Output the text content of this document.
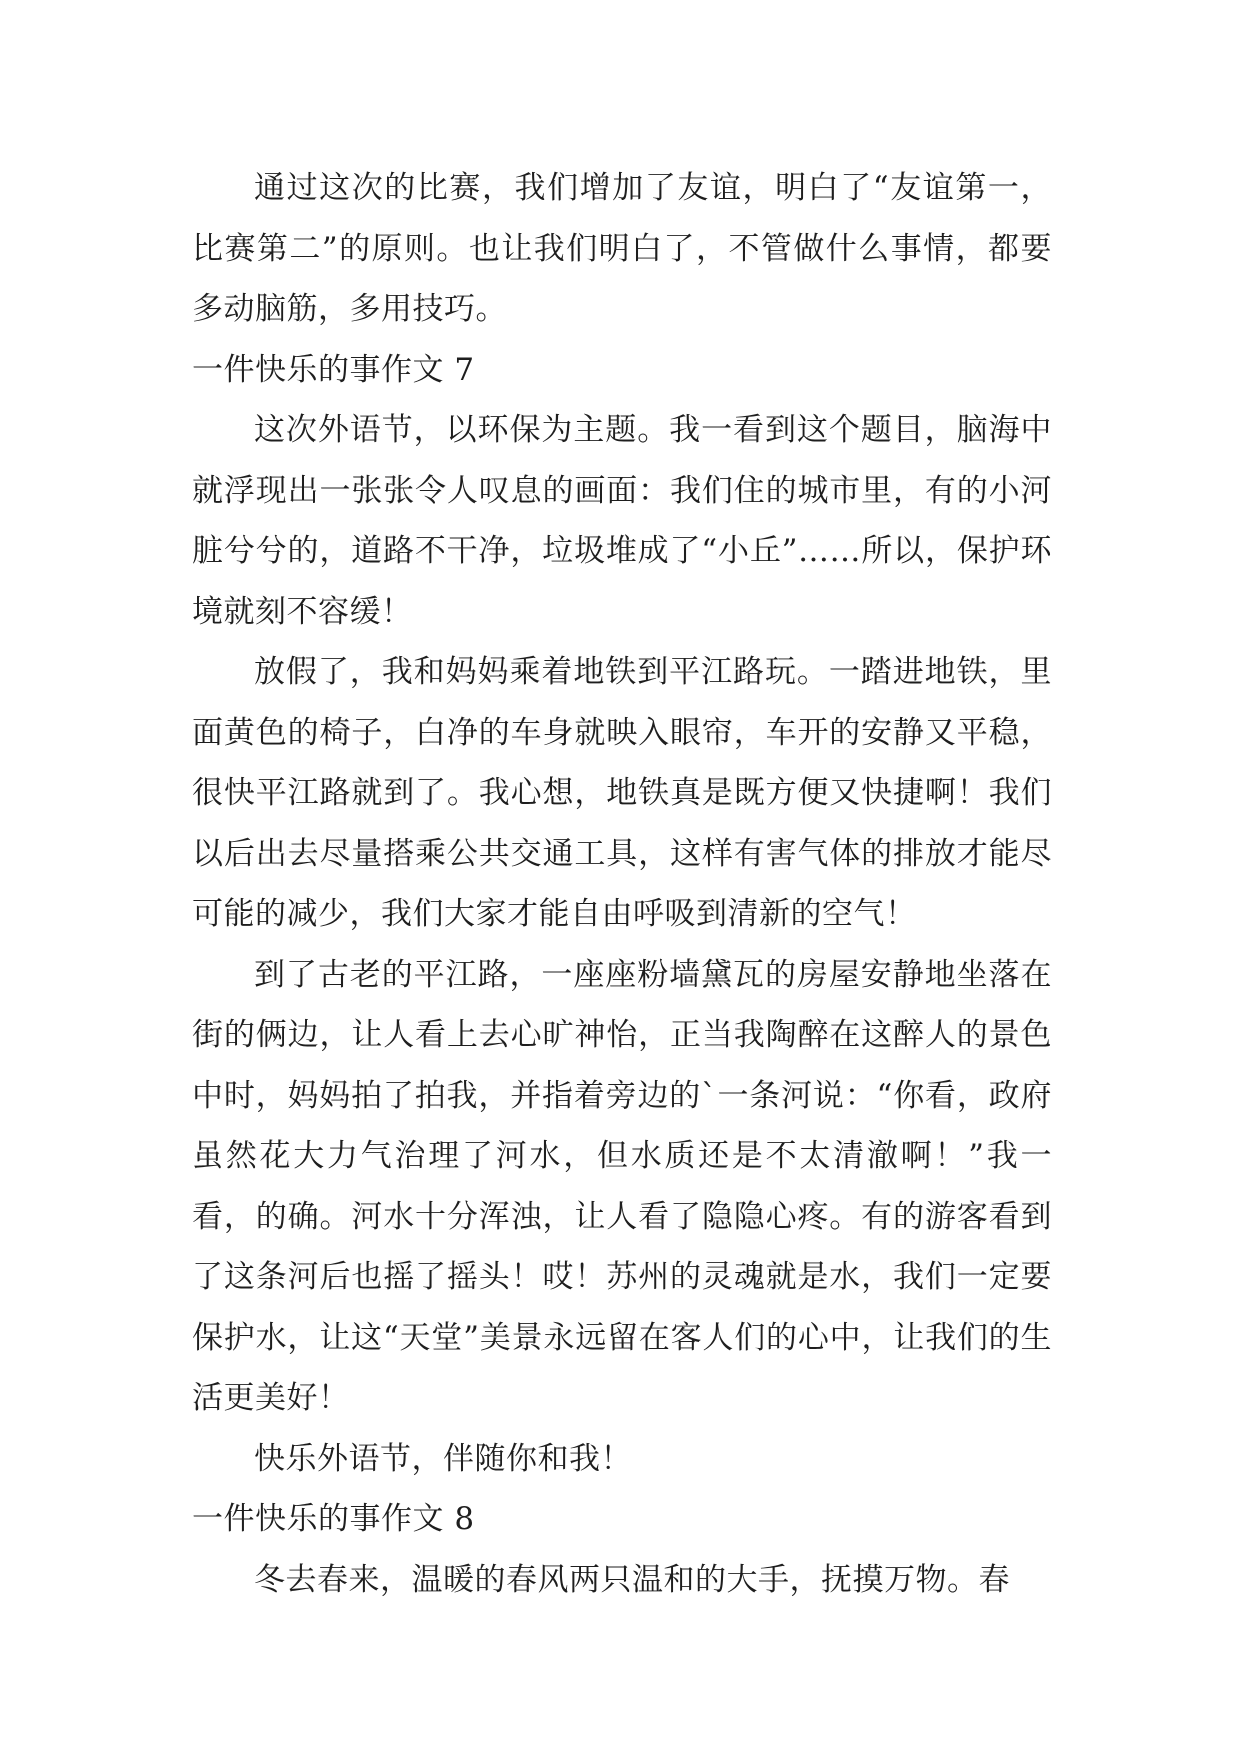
通过这次的比赛，我们增加了友谊，明白了“友谊第一，比赛第二”的原则。也让我们明白了，不管做什么事情，都要多动脑筋，多用技巧。

一件快乐的事作文 7

这次外语节，以环保为主题。我一看到这个题目，脑海中就浮现出一张张令人叹息的画面：我们住的城市里，有的小河脏兮兮的，道路不干净，垃圾堆成了“小丘”……所以，保护环境就刻不容缓！

放假了，我和妈妈乘着地铁到平江路玩。一踏进地铁，里面黄色的椅子，白净的车身就映入眼帘，车开的安静又平稳，很快平江路就到了。我心想，地铁真是既方便又快捷啊！我们以后出去尽量搭乘公共交通工具，这样有害气体的排放才能尽可能的减少，我们大家才能自由呼吸到清新的空气！

到了古老的平江路，一座座粉墙黛瓦的房屋安静地坐落在街的俩边，让人看上去心旷神怡，正当我陶醉在这醉人的景色中时，妈妈拍了拍我，并指着旁边的`一条河说：“你看，政府虽然花大力气治理了河水，但水质还是不太清澈啊！”我一看，的确。河水十分浑浊，让人看了隐隐心疼。有的游客看到了这条河后也摇了摇头！哎！苏州的灵魂就是水，我们一定要保护水，让这“天堂”美景永远留在客人们的心中，让我们的生活更美好！

快乐外语节，伴随你和我！

一件快乐的事作文 8

冬去春来，温暖的春风两只温和的大手，抚摸万物。春
